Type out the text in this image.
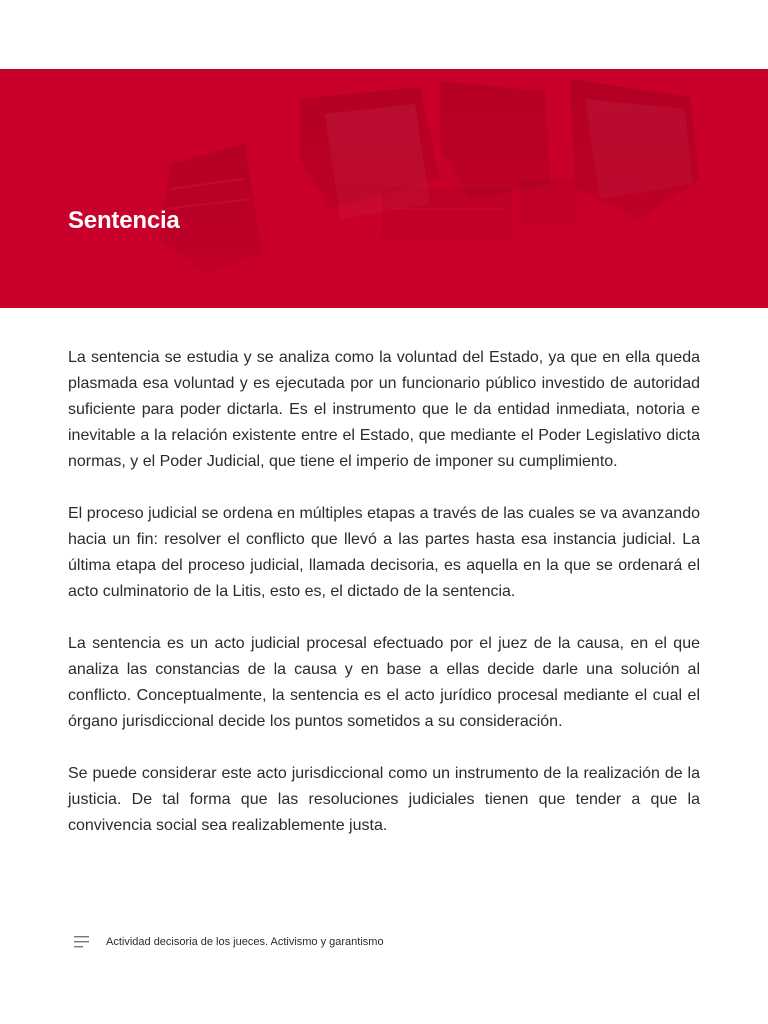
Sentencia

La sentencia se estudia y se analiza como la voluntad del Estado, ya que en ella queda plasmada esa voluntad y es ejecutada por un funcionario público investido de autoridad suficiente para poder dictarla. Es el instrumento que le da entidad inmediata, notoria e inevitable a la relación existente entre el Estado, que mediante el Poder Legislativo dicta normas, y el Poder Judicial, que tiene el imperio de imponer su cumplimiento.

El proceso judicial se ordena en múltiples etapas a través de las cuales se va avanzando hacia un fin: resolver el conflicto que llevó a las partes hasta esa instancia judicial. La última etapa del proceso judicial, llamada decisoria, es aquella en la que se ordenará el acto culminatorio de la Litis, esto es, el dictado de la sentencia.

La sentencia es un acto judicial procesal efectuado por el juez de la causa, en el que analiza las constancias de la causa y en base a ellas decide darle una solución al conflicto. Conceptualmente, la sentencia es el acto jurídico procesal mediante el cual el órgano jurisdiccional decide los puntos sometidos a su consideración.

Se puede considerar este acto jurisdiccional como un instrumento de la realización de la justicia. De tal forma que las resoluciones judiciales tienen que tender a que la convivencia social sea realizablemente justa.

Actividad decisoria de los jueces. Activismo y garantismo
